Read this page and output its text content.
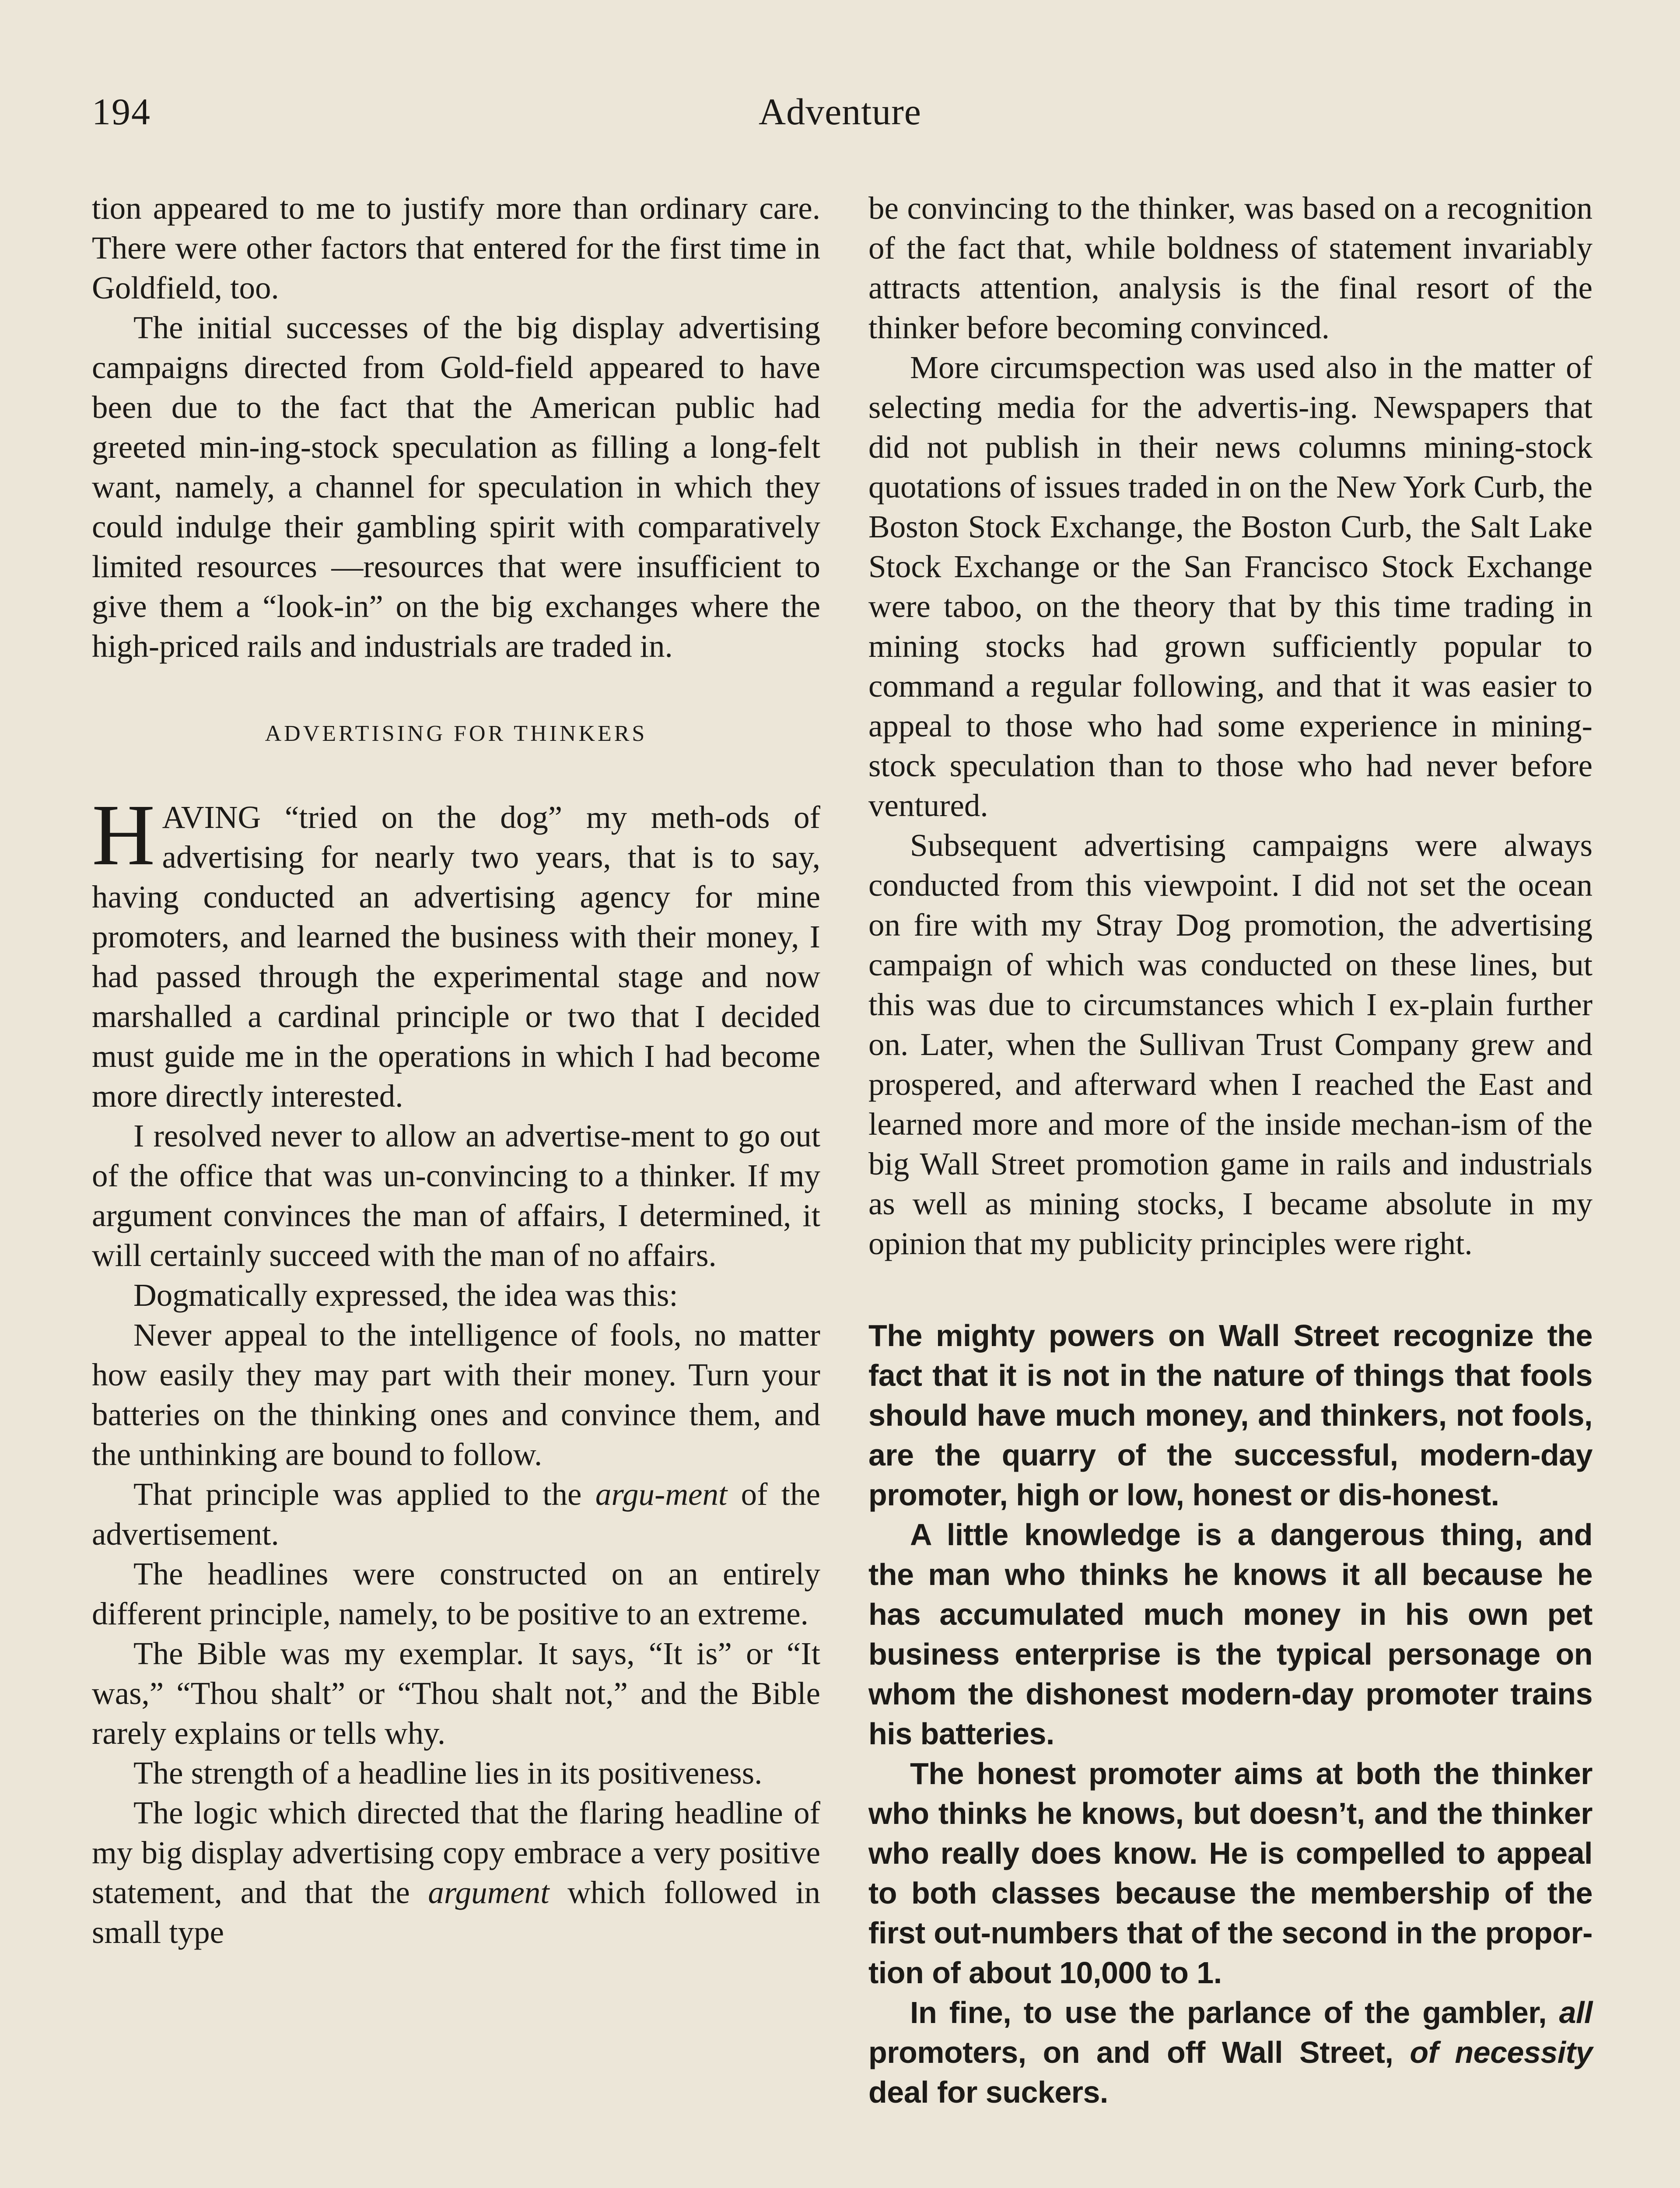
Adventure
194

tion appeared to me to justify more than ordinary care. There were other factors that entered for the first time in Goldfield, too.

The initial successes of the big display advertising campaigns directed from Gold-field appeared to have been due to the fact that the American public had greeted min-ing-stock speculation as filling a long-felt want, namely, a channel for speculation in which they could indulge their gambling spirit with comparatively limited resources —resources that were insufficient to give them a “look-in” on the big exchanges where the high-priced rails and industrials are traded in.

ADVERTISING FOR THINKERS

HAVING “tried on the dog” my meth-ods of advertising for nearly two years, that is to say, having conducted an advertising agency for mine promoters, and learned the business with their money, I had passed through the experimental stage and now marshalled a cardinal principle or two that I decided must guide me in the operations in which I had become more directly interested.

I resolved never to allow an advertise-ment to go out of the office that was un-convincing to a thinker. If my argument convinces the man of affairs, I determined, it will certainly succeed with the man of no affairs.

Dogmatically expressed, the idea was this:

Never appeal to the intelligence of fools, no matter how easily they may part with their money. Turn your batteries on the thinking ones and convince them, and the unthinking are bound to follow.

That principle was applied to the argu-ment of the advertisement.

The headlines were constructed on an entirely different principle, namely, to be positive to an extreme.

The Bible was my exemplar. It says, “It is” or “It was,” “Thou shalt” or “Thou shalt not,” and the Bible rarely explains or tells why.

The strength of a headline lies in its positiveness.

The logic which directed that the flaring headline of my big display advertising copy embrace a very positive statement, and that the argument which followed in small type

be convincing to the thinker, was based on a recognition of the fact that, while boldness of statement invariably attracts attention, analysis is the final resort of the thinker before becoming convinced.

More circumspection was used also in the matter of selecting media for the advertis-ing. Newspapers that did not publish in their news columns mining-stock quotations of issues traded in on the New York Curb, the Boston Stock Exchange, the Boston Curb, the Salt Lake Stock Exchange or the San Francisco Stock Exchange were taboo, on the theory that by this time trading in mining stocks had grown sufficiently popular to command a regular following, and that it was easier to appeal to those who had some experience in mining-stock speculation than to those who had never before ventured.

Subsequent advertising campaigns were always conducted from this viewpoint. I did not set the ocean on fire with my Stray Dog promotion, the advertising campaign of which was conducted on these lines, but this was due to circumstances which I ex-plain further on. Later, when the Sullivan Trust Company grew and prospered, and afterward when I reached the East and learned more and more of the inside mechan-ism of the big Wall Street promotion game in rails and industrials as well as mining stocks, I became absolute in my opinion that my publicity principles were right.

The mighty powers on Wall Street recognize the fact that it is not in the nature of things that fools should have much money, and thinkers, not fools, are the quarry of the successful, modern-day promoter, high or low, honest or dis-honest.

A little knowledge is a dangerous thing, and the man who thinks he knows it all because he has accumulated much money in his own pet business enterprise is the typical personage on whom the dishonest modern-day promoter trains his batteries.

The honest promoter aims at both the thinker who thinks he knows, but doesn’t, and the thinker who really does know. He is compelled to appeal to both classes because the membership of the first out-numbers that of the second in the propor-tion of about 10,000 to 1.

In fine, to use the parlance of the gambler, all promoters, on and off Wall Street, of necessity deal for suckers.
